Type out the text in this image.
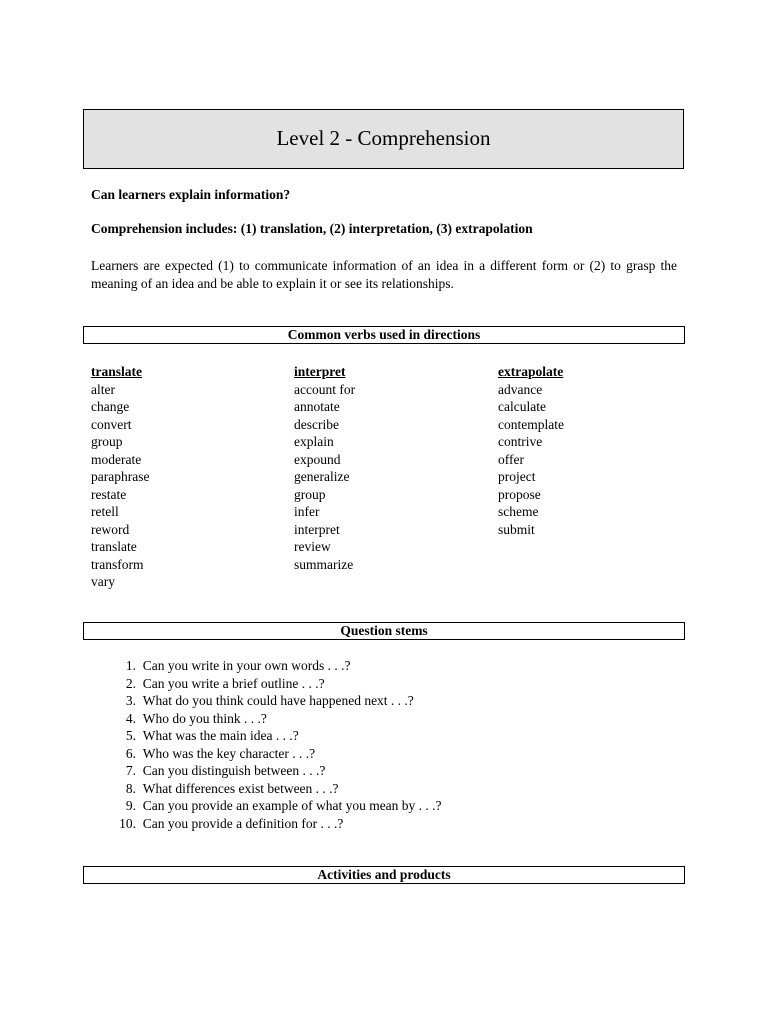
Level 2 - Comprehension
Can learners explain information?
Comprehension includes: (1) translation, (2) interpretation, (3) extrapolation
Learners are expected (1) to communicate information of an idea in a different form or (2) to grasp the meaning of an idea and be able to explain it or see its relationships.
Common verbs used in directions
translate
alter
change
convert
group
moderate
paraphrase
restate
retell
reword
translate
transform
vary
interpret
account for
annotate
describe
explain
expound
generalize
group
infer
interpret
review
summarize
extrapolate
advance
calculate
contemplate
contrive
offer
project
propose
scheme
submit
Question stems
1. Can you write in your own words . . .?
2. Can you write a brief outline . . .?
3. What do you think could have happened next . . .?
4. Who do you think . . .?
5. What was the main idea . . .?
6. Who was the key character . . .?
7. Can you distinguish between . . .?
8. What differences exist between . . .?
9. Can you provide an example of what you mean by . . .?
10. Can you provide a definition for . . .?
Activities and products
